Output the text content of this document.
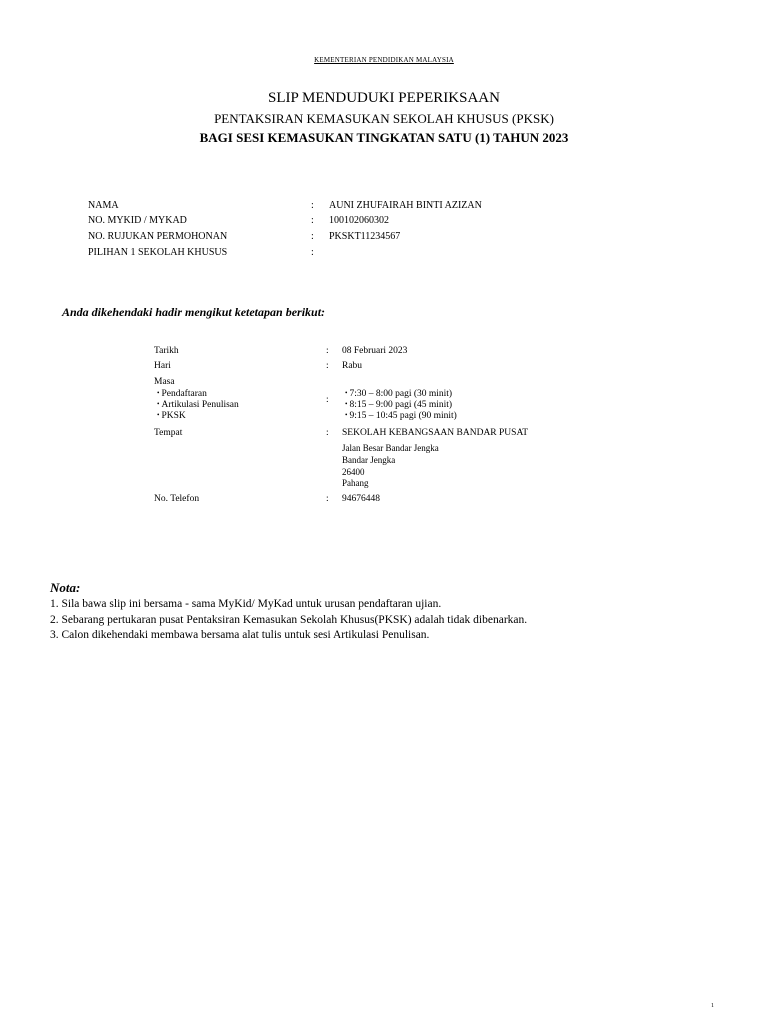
KEMENTERIAN PENDIDIKAN MALAYSIA
SLIP MENDUDUKI PEPERIKSAAN
PENTAKSIRAN KEMASUKAN SEKOLAH KHUSUS (PKSK)
BAGI SESI KEMASUKAN TINGKATAN SATU (1) TAHUN 2023
NAMA	: AUNI ZHUFAIRAH BINTI AZIZAN
NO. MYKID / MYKAD	: 100102060302
NO. RUJUKAN PERMOHONAN	: PKSKT11234567
PILIHAN 1 SEKOLAH KHUSUS	:
Anda dikehendaki hadir mengikut ketetapan berikut:
Tarikh	: 08 Februari 2023
Hari	: Rabu
Masa
• Pendaftaran
• Artikulasi Penulisan
• PKSK
:
• 7:30 – 8:00 pagi (30 minit)
• 8:15 – 9:00 pagi (45 minit)
• 9:15 – 10:45 pagi (90 minit)
Tempat	: SEKOLAH KEBANGSAAN BANDAR PUSAT
Jalan Besar Bandar Jengka
Bandar Jengka
26400
Pahang
No. Telefon	: 94676448
Nota:
1. Sila bawa slip ini bersama - sama MyKid/ MyKad untuk urusan pendaftaran ujian.
2. Sebarang pertukaran pusat Pentaksiran Kemasukan Sekolah Khusus(PKSK) adalah tidak dibenarkan.
3. Calon dikehendaki membawa bersama alat tulis untuk sesi Artikulasi Penulisan.
1
